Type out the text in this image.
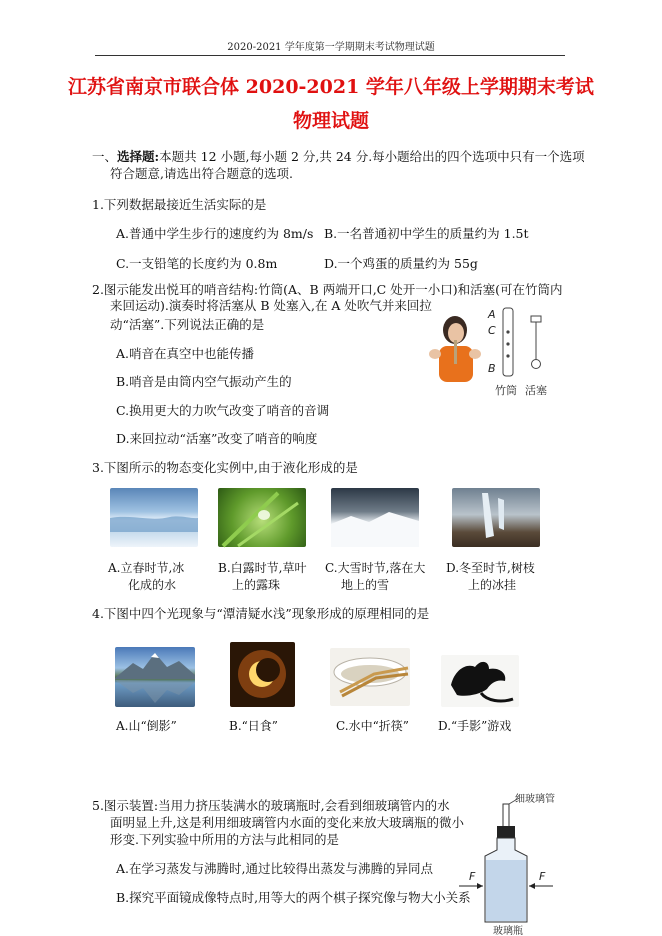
2020-2021 学年度第一学期期末考试物理试题
江苏省南京市联合体 2020-2021 学年八年级上学期期末考试
物理试题
一、选择题:本题共 12 小题,每小题 2 分,共 24 分.每小题给出的四个选项中只有一个选项
符合题意,请选出符合题意的选项.
1.下列数据最接近生活实际的是
A.普通中学生步行的速度约为 8m/s B.一名普通初中学生的质量约为 1.5t
C.一支铅笔的长度约为 0.8m	D.一个鸡蛋的质量约为 55g
2.图示能发出悦耳的哨音结构:竹筒(A、B 两端开口,C 处开一小口)和活塞(可在竹筒内
来回运动).演奏时将活塞从 B 处塞入,在 A 处吹气并来回拉
动“活塞”.下列说法正确的是
A.哨音在真空中也能传播
B.哨音是由筒内空气振动产生的
C.换用更大的力吹气改变了哨音的音调
D.来回拉动“活塞”改变了哨音的响度
A
C
B
竹筒 活塞
3.下图所示的物态变化实例中,由于液化形成的是
A.立春时节,冰
化成的水
B.白露时节,草叶
上的露珠
C.大雪时节,落在大
地上的雪
D.冬至时节,树枝
上的冰挂
4.下图中四个光现象与“潭清疑水浅”现象形成的原理相同的是
A.山“倒影”	B.“日食”	C.水中“折筷” D.“手影”游戏
5.图示装置:当用力挤压装满水的玻璃瓶时,会看到细玻璃管内的水
面明显上升,这是利用细玻璃管内水面的变化来放大玻璃瓶的微小
形变.下列实验中所用的方法与此相同的是
A.在学习蒸发与沸腾时,通过比较得出蒸发与沸腾的异同点
B.探究平面镜成像特点时,用等大的两个棋子探究像与物大小关系
细玻璃管
F	F
玻璃瓶
